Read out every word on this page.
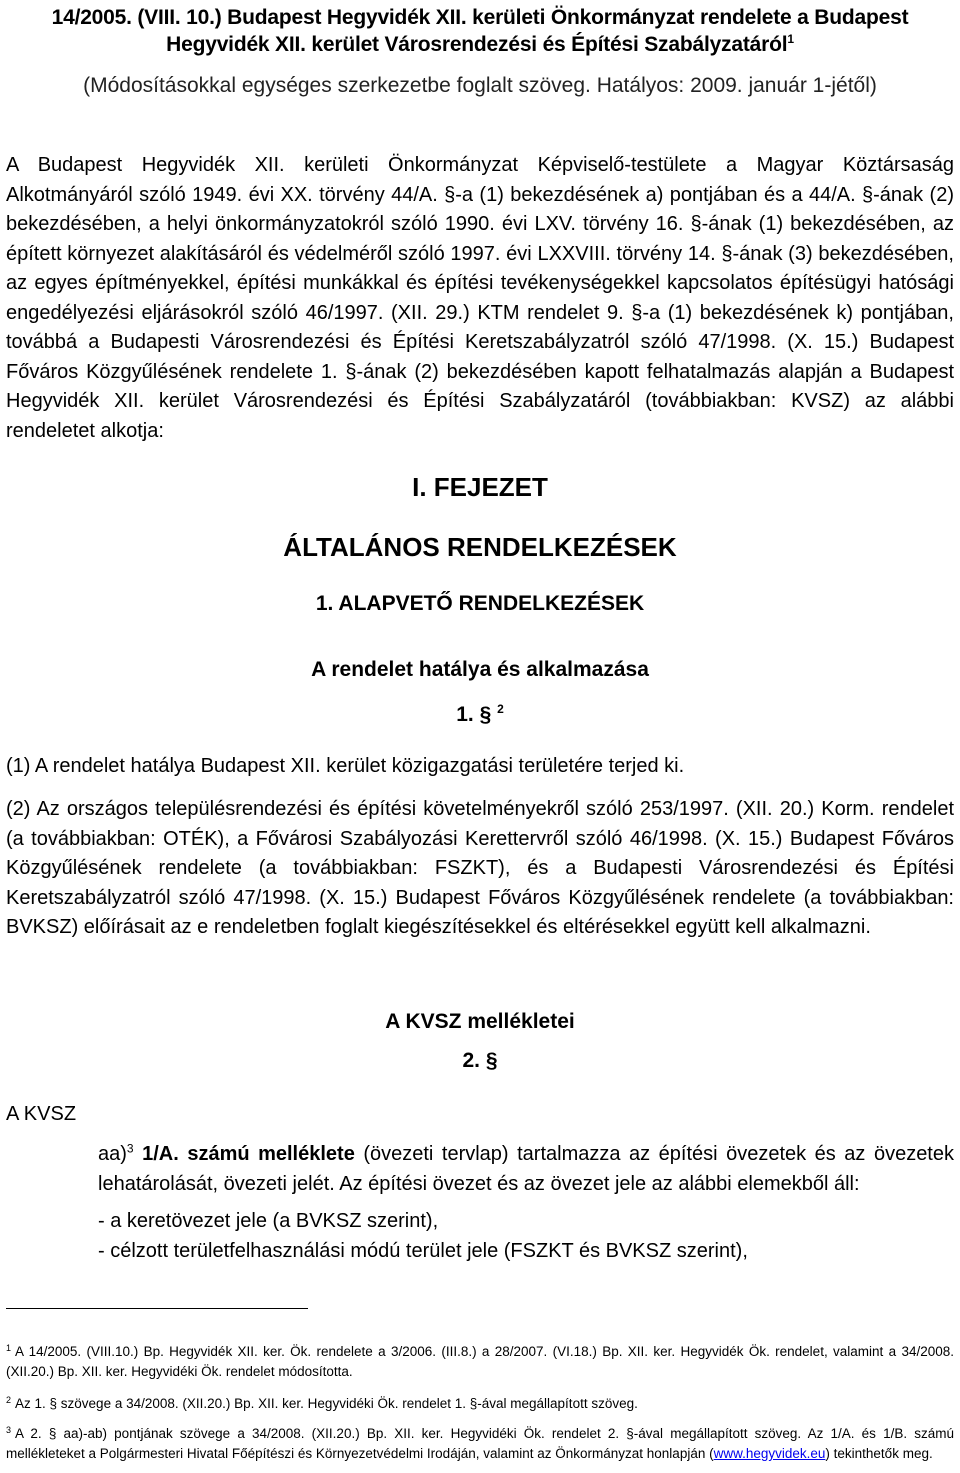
14/2005. (VIII. 10.) Budapest Hegyvidék XII. kerületi Önkormányzat rendelete a Budapest
Hegyvidék XII. kerület Városrendezési és Építési Szabályzatáról$^1$

(Módosításokkal egységes szerkezetbe foglalt szöveg. Hatályos: 2009. január 1-jétől)

A Budapest Hegyvidék XII. kerületi Önkormányzat Képviselő-testülete a Magyar Köztársaság Alkotmányáról szóló 1949. évi XX. törvény 44/A. §-a (1) bekezdésének a) pontjában és a 44/A. §-ának (2) bekezdésében, a helyi önkormányzatokról szóló 1990. évi LXV. törvény 16. §-ának (1) bekezdésében, az épített környezet alakításáról és védelméről szóló 1997. évi LXXVIII. törvény 14. §-ának (3) bekezdésében, az egyes építményekkel, építési munkákkal és építési tevékenységekkel kapcsolatos építésügyi hatósági engedélyezési eljárásokról szóló 46/1997. (XII. 29.) KTM rendelet 9. §-a (1) bekezdésének k) pontjában, továbbá a Budapesti Városrendezési és Építési Keretszabályzatról szóló 47/1998. (X. 15.) Budapest Főváros Közgyűlésének rendelete 1. §-ának (2) bekezdésében kapott felhatalmazás alapján a Budapest Hegyvidék XII. kerület Városrendezési és Építési Szabályzatáról (továbbiakban: KVSZ) az alábbi rendeletet alkotja:

I. FEJEZET
ÁLTALÁNOS RENDELKEZÉSEK
1. ALAPVETŐ RENDELKEZÉSEK
A rendelet hatálya és alkalmazása

1. § $^2$

(1) A rendelet hatálya Budapest XII. kerület közigazgatási területére terjed ki.

(2) Az országos településrendezési és építési követelményekről szóló 253/1997. (XII. 20.) Korm. rendelet (a továbbiakban: OTÉK), a Fővárosi Szabályozási Kerettervről szóló 46/1998. (X. 15.) Budapest Főváros Közgyűlésének rendelete (a továbbiakban: FSZKT), és a Budapesti Városrendezési és Építési Keretszabályzatról szóló 47/1998. (X. 15.) Budapest Főváros Közgyűlésének rendelete (a továbbiakban: BVKSZ) előírásait az e rendeletben foglalt kiegészítésekkel és eltérésekkel együtt kell alkalmazni.

A KVSZ mellékletei

2. §

A KVSZ

aa)$^3$ 1/A. számú melléklete (övezeti tervlap) tartalmazza az építési övezetek és az övezetek lehatárolását, övezeti jelét. Az építési övezet és az övezet jele az alábbi elemekből áll:

- a keretövezet jele (a BVKSZ szerint),

- célzott területfelhasználási módú terület jele (FSZKT és BVKSZ szerint),

$^1$ A 14/2005. (VIII.10.) Bp. Hegyvidék XII. ker. Ök. rendelete a 3/2006. (III.8.) a 28/2007. (VI.18.) Bp. XII. ker. Hegyvidék Ök. rendelet, valamint a 34/2008. (XII.20.) Bp. XII. ker. Hegyvidéki Ök. rendelet módosította.

$^2$ Az 1. § szövege a 34/2008. (XII.20.) Bp. XII. ker. Hegyvidéki Ök. rendelet 1. §-ával megállapított szöveg.

$^3$ A 2. § aa)-ab) pontjának szövege a 34/2008. (XII.20.) Bp. XII. ker. Hegyvidéki Ök. rendelet 2. §-ával megállapított szöveg. Az 1/A. és 1/B. számú mellékleteket a Polgármesteri Hivatal Főépítészi és Környezetvédelmi Irodáján, valamint az Önkormányzat honlapján (www.hegyvidek.eu) tekinthetők meg.
